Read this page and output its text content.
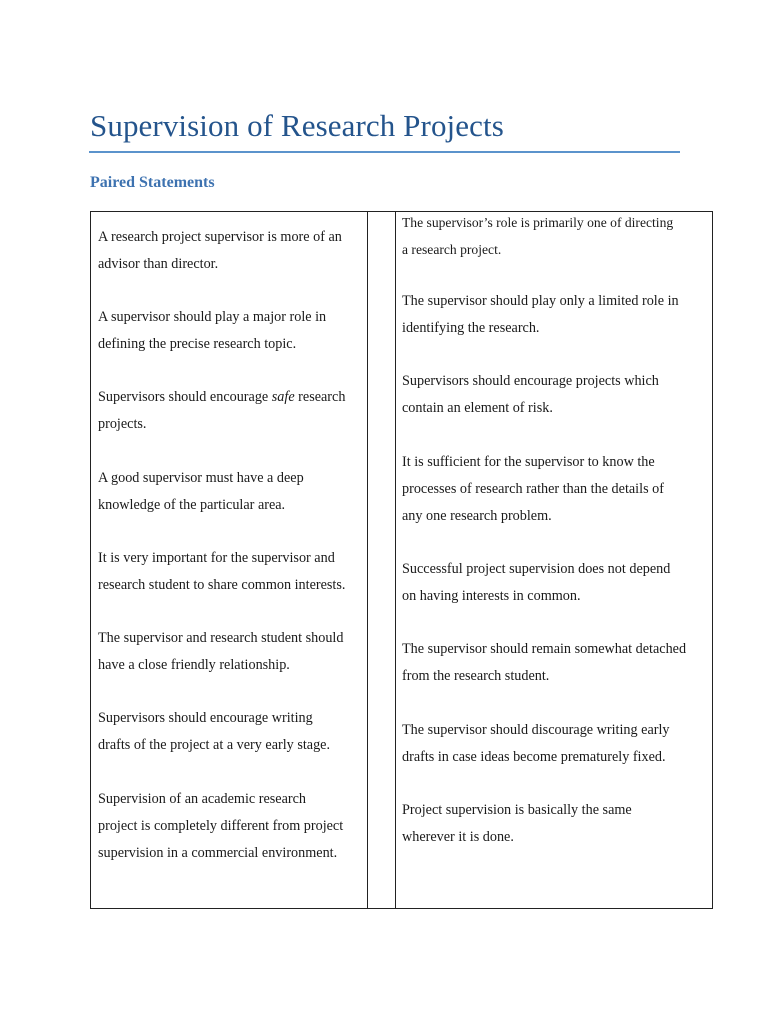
Supervision of Research Projects
Paired Statements

A research project supervisor is more of an
advisor than director.

A supervisor should play a major role in
defining the precise research topic.

Supervisors should encourage safe research
projects.

A good supervisor must have a deep
knowledge of the particular area.

It is very important for the supervisor and
research student to share common interests.

The supervisor and research student should
have a close friendly relationship.

Supervisors should encourage writing
drafts of the project at a very early stage.

Supervision of an academic research
project is completely different from project
supervision in a commercial environment.

The supervisor’s role is primarily one of directing
a research project.

The supervisor should play only a limited role in
identifying the research.

Supervisors should encourage projects which
contain an element of risk.

It is sufficient for the supervisor to know the
processes of research rather than the details of
any one research problem.

Successful project supervision does not depend
on having interests in common.

The supervisor should remain somewhat detached
from the research student.

The supervisor should discourage writing early
drafts in case ideas become prematurely fixed.

Project supervision is basically the same
wherever it is done.
